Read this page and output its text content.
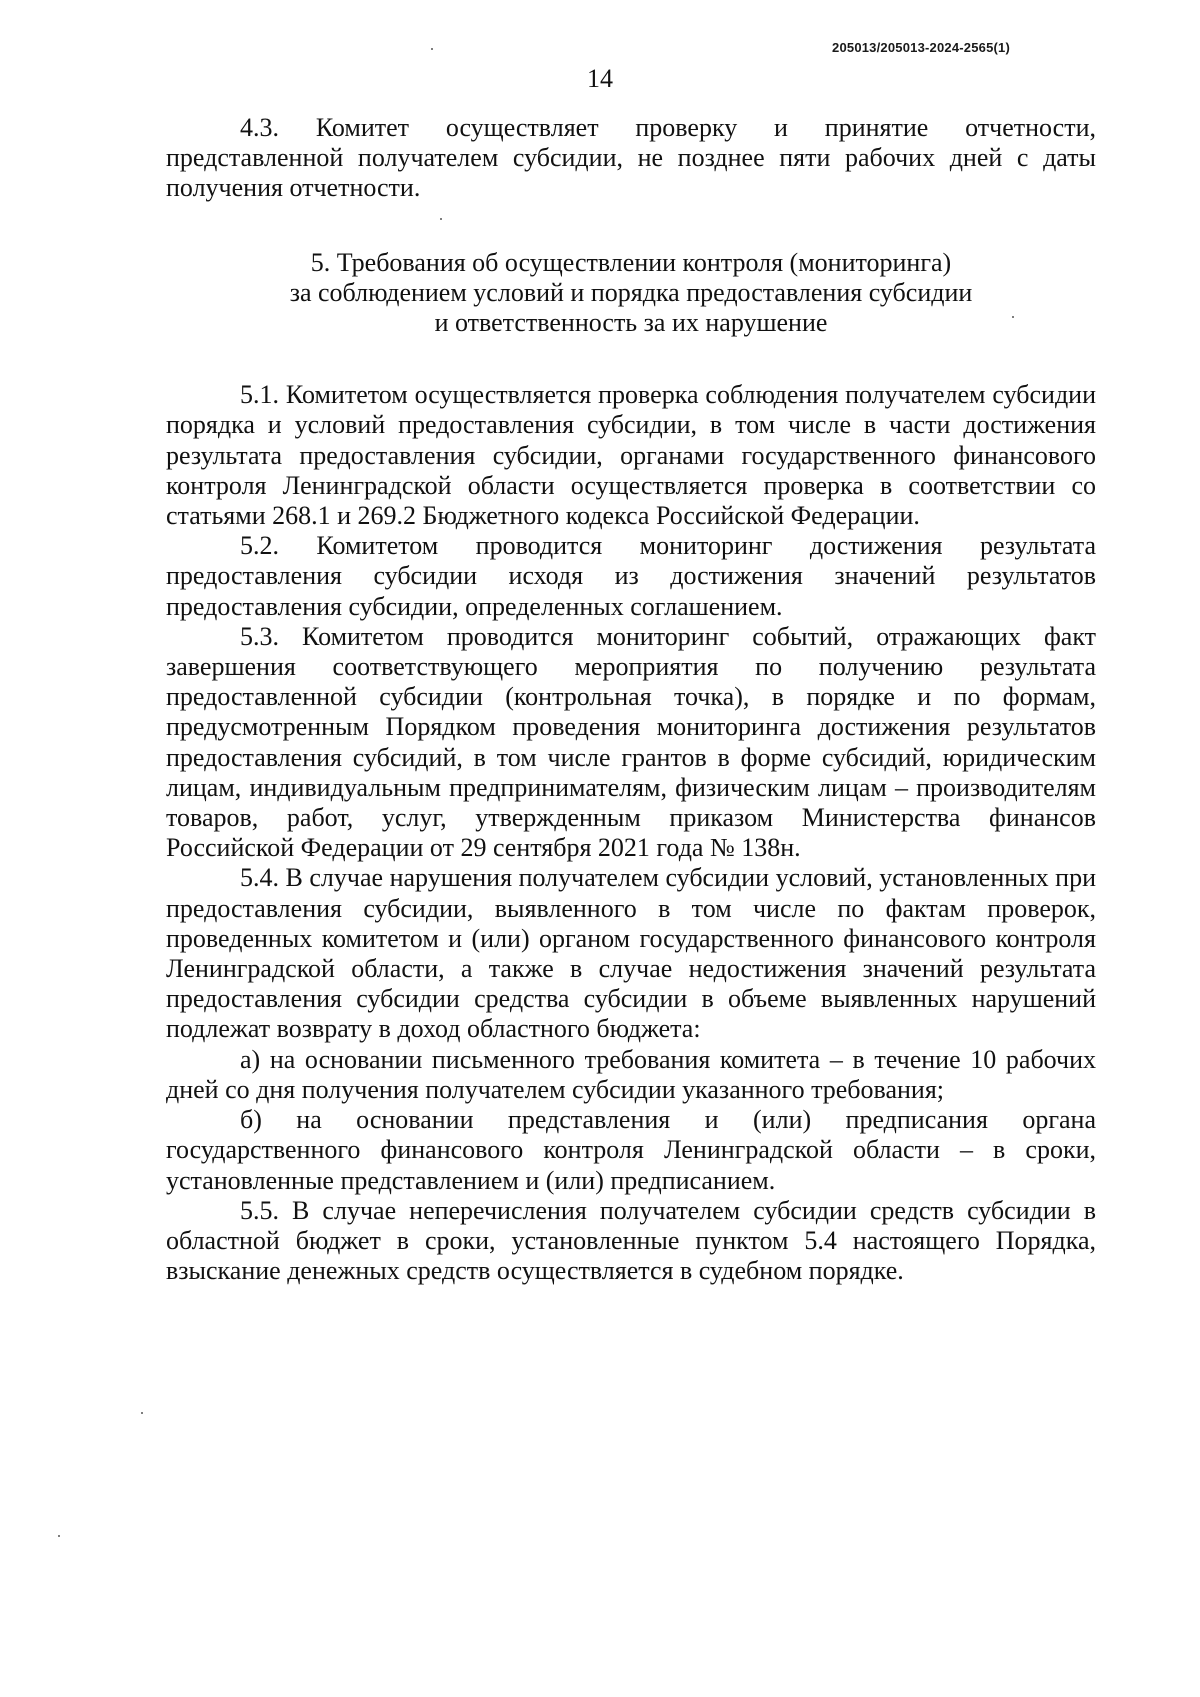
205013/205013-2024-2565(1)
14

4.3. Комитет осуществляет проверку и принятие отчетности, представленной получателем субсидии, не позднее пяти рабочих дней с даты получения отчетности.

5. Требования об осуществлении контроля (мониторинга)
за соблюдением условий и порядка предоставления субсидии
и ответственность за их нарушение

5.1. Комитетом осуществляется проверка соблюдения получателем субсидии порядка и условий предоставления субсидии, в том числе в части достижения результата предоставления субсидии, органами государственного финансового контроля Ленинградской области осуществляется проверка в соответствии со статьями 268.1 и 269.2 Бюджетного кодекса Российской Федерации.

5.2. Комитетом проводится мониторинг достижения результата предоставления субсидии исходя из достижения значений результатов предоставления субсидии, определенных соглашением.

5.3. Комитетом проводится мониторинг событий, отражающих факт завершения соответствующего мероприятия по получению результата предоставленной субсидии (контрольная точка), в порядке и по формам, предусмотренным Порядком проведения мониторинга достижения результатов предоставления субсидий, в том числе грантов в форме субсидий, юридическим лицам, индивидуальным предпринимателям, физическим лицам – производителям товаров, работ, услуг, утвержденным приказом Министерства финансов Российской Федерации от 29 сентября 2021 года № 138н.

5.4. В случае нарушения получателем субсидии условий, установленных при предоставления субсидии, выявленного в том числе по фактам проверок, проведенных комитетом и (или) органом государственного финансового контроля Ленинградской области, а также в случае недостижения значений результата предоставления субсидии средства субсидии в объеме выявленных нарушений подлежат возврату в доход областного бюджета:

а) на основании письменного требования комитета – в течение 10 рабочих дней со дня получения получателем субсидии указанного требования;

б) на основании представления и (или) предписания органа государственного финансового контроля Ленинградской области – в сроки, установленные представлением и (или) предписанием.

5.5. В случае неперечисления получателем субсидии средств субсидии в областной бюджет в сроки, установленные пунктом 5.4 настоящего Порядка, взыскание денежных средств осуществляется в судебном порядке.
